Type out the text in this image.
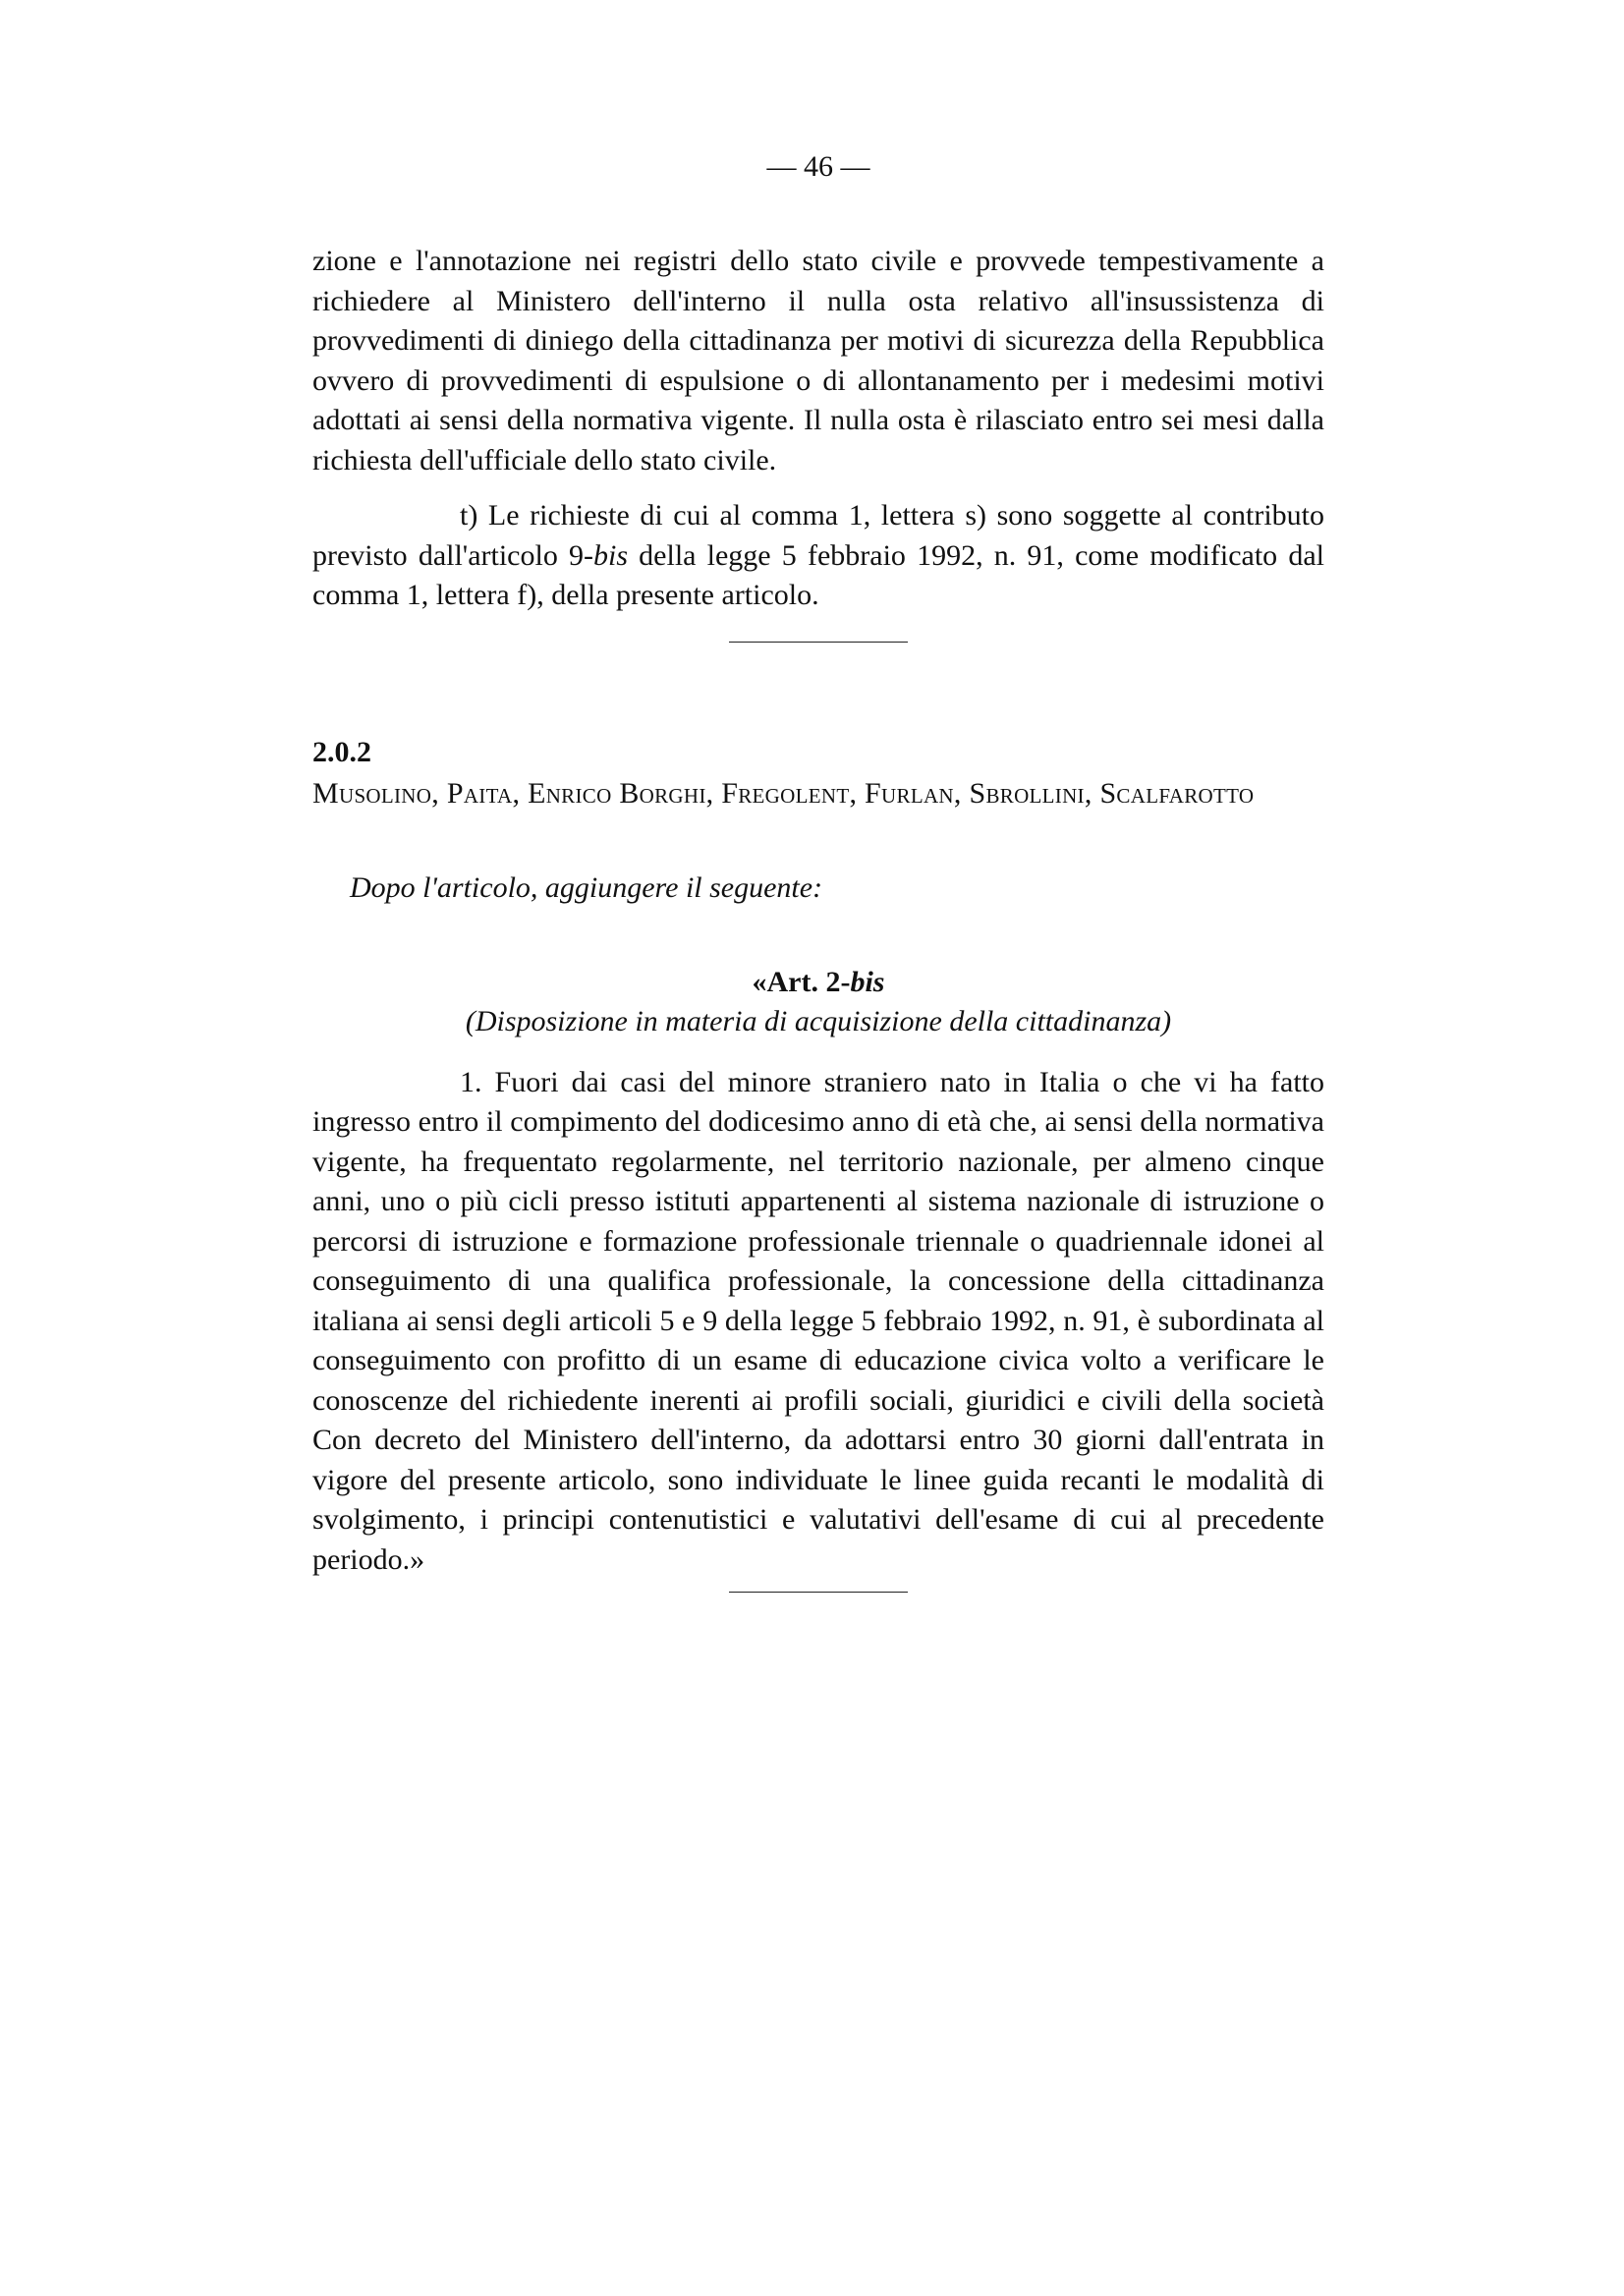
— 46 —

zione e l'annotazione nei registri dello stato civile e provvede tempestivamente a richiedere al Ministero dell'interno il nulla osta relativo all'insussistenza di provvedimenti di diniego della cittadinanza per motivi di sicurezza della Repubblica ovvero di provvedimenti di espulsione o di allontanamento per i medesimi motivi adottati ai sensi della normativa vigente. Il nulla osta è rilasciato entro sei mesi dalla richiesta dell'ufficiale dello stato civile.

t) Le richieste di cui al comma 1, lettera s) sono soggette al contributo previsto dall'articolo 9-bis della legge 5 febbraio 1992, n. 91, come modificato dal comma 1, lettera f), della presente articolo.

2.0.2
Musolino, Paita, Enrico Borghi, Fregolent, Furlan, Sbrollini, Scalfarotto
Dopo l'articolo, aggiungere il seguente:
«Art. 2-bis
(Disposizione in materia di acquisizione della cittadinanza)

1. Fuori dai casi del minore straniero nato in Italia o che vi ha fatto ingresso entro il compimento del dodicesimo anno di età che, ai sensi della normativa vigente, ha frequentato regolarmente, nel territorio nazionale, per almeno cinque anni, uno o più cicli presso istituti appartenenti al sistema nazionale di istruzione o percorsi di istruzione e formazione professionale triennale o quadriennale idonei al conseguimento di una qualifica professionale, la concessione della cittadinanza italiana ai sensi degli articoli 5 e 9 della legge 5 febbraio 1992, n. 91, è subordinata al conseguimento con profitto di un esame di educazione civica volto a verificare le conoscenze del richiedente inerenti ai profili sociali, giuridici e civili della società Con decreto del Ministero dell'interno, da adottarsi entro 30 giorni dall'entrata in vigore del presente articolo, sono individuate le linee guida recanti le modalità di svolgimento, i principi contenutistici e valutativi dell'esame di cui al precedente periodo.»
